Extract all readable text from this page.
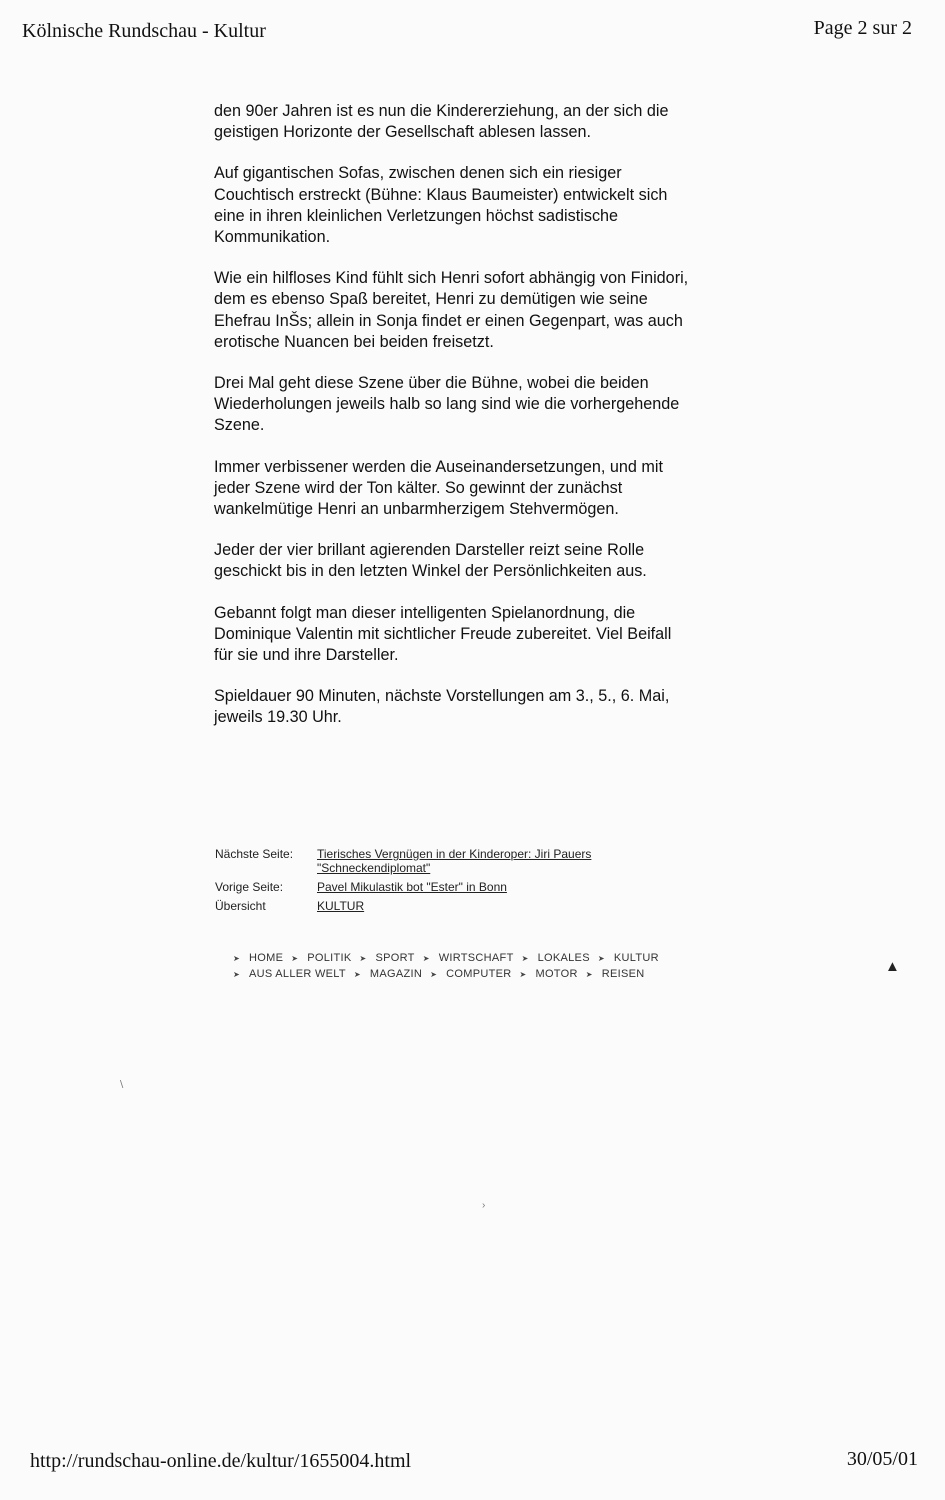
Kölnische Rundschau - Kultur	Page 2 sur 2

den 90er Jahren ist es nun die Kindererziehung, an der sich die geistigen Horizonte der Gesellschaft ablesen lassen.

Auf gigantischen Sofas, zwischen denen sich ein riesiger Couchtisch erstreckt (Bühne: Klaus Baumeister) entwickelt sich eine in ihren kleinlichen Verletzungen höchst sadistische Kommunikation.

Wie ein hilfloses Kind fühlt sich Henri sofort abhängig von Finidori, dem es ebenso Spaß bereitet, Henri zu demütigen wie seine Ehefrau InŠs; allein in Sonja findet er einen Gegenpart, was auch erotische Nuancen bei beiden freisetzt.

Drei Mal geht diese Szene über die Bühne, wobei die beiden Wiederholungen jeweils halb so lang sind wie die vorhergehende Szene.

Immer verbissener werden die Auseinandersetzungen, und mit jeder Szene wird der Ton kälter. So gewinnt der zunächst wankelmütige Henri an unbarmherzigem Stehvermögen.

Jeder der vier brillant agierenden Darsteller reizt seine Rolle geschickt bis in den letzten Winkel der Persönlichkeiten aus.

Gebannt folgt man dieser intelligenten Spielanordnung, die Dominique Valentin mit sichtlicher Freude zubereitet. Viel Beifall für sie und ihre Darsteller.

Spieldauer 90 Minuten, nächste Vorstellungen am 3., 5., 6. Mai, jeweils 19.30 Uhr.

Nächste Seite:	Tierisches Vergnügen in der Kinderoper: Jiri Pauers "Schneckendiplomat"
Vorige Seite:	Pavel Mikulastik bot "Ester" in Bonn
Übersicht	KULTUR
➤ HOME ➤ POLITIK ➤ SPORT ➤ WIRTSCHAFT ➤ LOKALES ➤ KULTUR
➤ AUS ALLER WELT ➤ MAGAZIN ➤ COMPUTER ➤ MOTOR ➤ REISEN	▲
∖
›
http://rundschau-online.de/kultur/1655004.html	30/05/01
